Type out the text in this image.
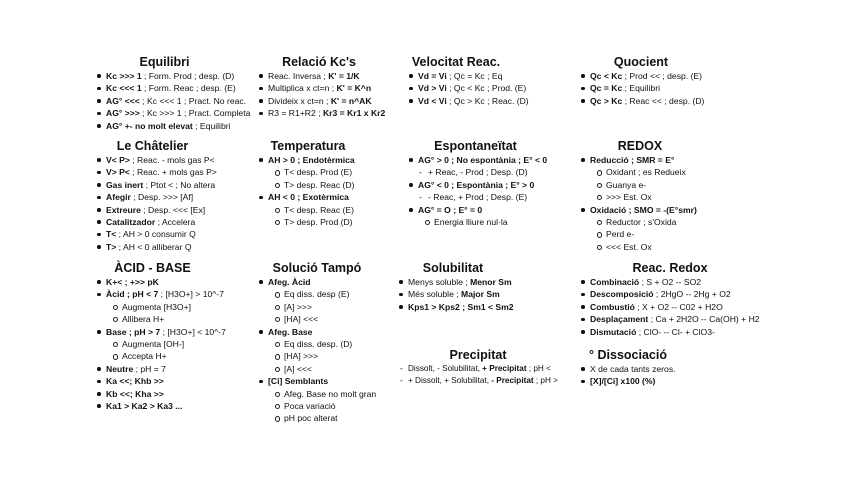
Equilibri
Kc >>> 1 ; Form. Prod ; desp. (D)
Kc <<< 1 ; Form. Reac ; desp. (E)
AG° <<< ; Kc <<< 1 ; Pract. No reac.
AG° >>> ; Kc >>> 1 ; Pract. Completa
AG° +- no molt elevat ; Equilibri
Relació Kc's
Reac. Inversa ; K' = 1/K
Multiplica x ct=n ; K' = K^n
Divideix x ct=n ; K' = n^AK
R3 = R1+R2 ; Kr3 = Kr1 x Kr2
Velocitat Reac.
Vd = Vi ; Qc = Kc ; Eq
Vd > Vi ; Qc < Kc ; Prod. (E)
Vd < Vi ; Qc > Kc ; Reac. (D)
Quocient
Qc < Kc ; Prod << ; desp. (E)
Qc = Kc ; Equilibri
Qc > Kc ; Reac << ; desp. (D)
Le Châtelier
V< P> ; Reac. - mols gas P<
V> P< ; Reac. + mols gas P>
Gas inert ; Ptot < ; No altera
Afegir ; Desp. >>> [Af]
Extreure ; Desp. <<< [Ex]
Catalitzador ; Accelera
T< ; AH > 0 consumir Q
T> ; AH < 0 alliberar Q
Temperatura
AH > 0 ; Endotèrmica
T< desp. Prod (E)
T> desp. Reac (D)
AH < 0 ; Exotèrmica
T< desp. Reac (E)
T> desp. Prod (D)
Espontaneïtat
AG° > 0 ; No espontània ; E° < 0
- + Reac, - Prod ; Desp. (D)
AG° < 0 ; Espontània ; E° > 0
- - Reac, + Prod ; Desp. (E)
AG° = O ; E° = 0
Energia lliure nul·la
REDOX
Reducció ; SMR = E°
Oxidant ; es Redueix
Guanya e-
>>> Est. Ox
Oxidació ; SMO = -(E°smr)
Reductor ; s'Oxida
Perd e-
<<< Est. Ox
ÀCID - BASE
K+< ; +>> pK
Àcid ; pH < 7 ; [H3O+] > 10^-7
Augmenta [H3O+]
Allibera H+
Base ; pH > 7 ; [H3O+] < 10^-7
Augmenta [OH-]
Accepta H+
Neutre ; pH = 7
Ka <<; Khb >>
Kb <<; Kha >>
Ka1 > Ka2 > Ka3 ...
Solució Tampó
Afeg. Àcid
Eq diss. desp (E)
[A] >>>
[HA] <<<
Afeg. Base
Eq diss. desp. (D)
[HA] >>>
[A] <<<
[Ci] Semblants
Afeg. Base no molt gran
Poca variació
pH poc alterat
Solubilitat
Menys soluble ; Menor Sm
Més soluble ; Major Sm
Kps1 > Kps2 ; Sm1 < Sm2
Precipitat
- Dissolt, - Solubilitat, + Precipitat ; pH <
- + Dissolt, + Solubilitat, - Precipitat ; pH >
Reac. Redox
Combinació ; S + O2 -- SO2
Descomposició ; 2HgO -- 2Hg + O2
Combustió ; X + O2 -- C02 + H2O
Desplaçament ; Ca + 2H2O -- Ca(OH) + H2
Dismutació ; ClO- -- Cl- + ClO3-
° Dissociació
X de cada tants zeros.
[X]/[Ci] x100 (%)
